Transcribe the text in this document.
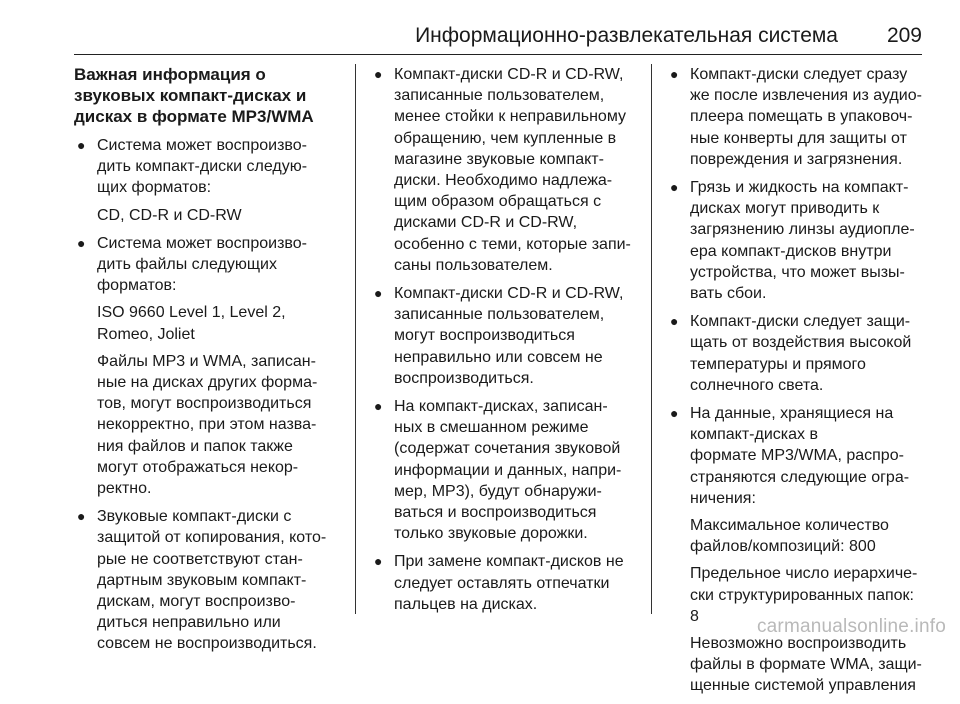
Информационно-развлекательная система 209
Важная информация о
звуковых компакт-дисках и
дисках в формате MP3/WMA
● Система может воспроизво-
дить компакт-диски следую-
щих форматов:
CD, CD-R и CD-RW
● Система может воспроизво-
дить файлы следующих
форматов:
ISO 9660 Level 1, Level 2,
Romeo, Joliet
Файлы MP3 и WMA, записан-
ные на дисках других форма-
тов, могут воспроизводиться
некорректно, при этом назва-
ния файлов и папок также
могут отображаться некор-
ректно.
● Звуковые компакт-диски с
защитой от копирования, кото-
рые не соответствуют стан-
дартным звуковым компакт-
дискам, могут воспроизво-
диться неправильно или
совсем не воспроизводиться.
● Компакт-диски CD-R и CD-RW,
записанные пользователем,
менее стойки к неправильному
обращению, чем купленные в
магазине звуковые компакт-
диски. Необходимо надлежа-
щим образом обращаться с
дисками CD-R и CD-RW,
особенно с теми, которые запи-
саны пользователем.
● Компакт-диски CD-R и CD-RW,
записанные пользователем,
могут воспроизводиться
неправильно или совсем не
воспроизводиться.
● На компакт-дисках, записан-
ных в смешанном режиме
(содержат сочетания звуковой
информации и данных, напри-
мер, MP3), будут обнаружи-
ваться и воспроизводиться
только звуковые дорожки.
● При замене компакт-дисков не
следует оставлять отпечатки
пальцев на дисках.
● Компакт-диски следует сразу
же после извлечения из аудио-
плеера помещать в упаковоч-
ные конверты для защиты от
повреждения и загрязнения.
● Грязь и жидкость на компакт-
дисках могут приводить к
загрязнению линзы аудиопле-
ера компакт-дисков внутри
устройства, что может вызы-
вать сбои.
● Компакт-диски следует защи-
щать от воздействия высокой
температуры и прямого
солнечного света.
● На данные, хранящиеся на
компакт-дисках в
формате MP3/WMA, распро-
страняются следующие огра-
ничения:
Максимальное количество
файлов/композиций: 800
Предельное число иерархиче-
ски структурированных папок:
8
Невозможно воспроизводить
файлы в формате WMA, защи-
щенные системой управления
carmanualsonline.info
